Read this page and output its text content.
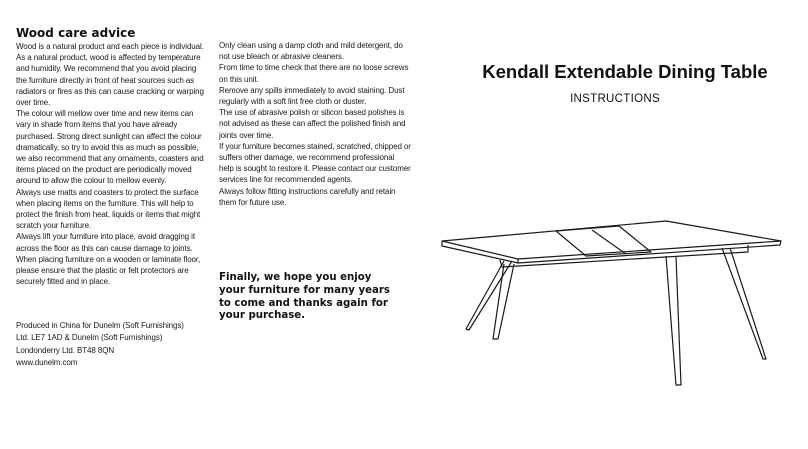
Wood care advice

Wood is a natural product and each piece is individual.

As a natural product, wood is affected by temperature and humidity. We recommend that you avoid placing the furniture directly in front of heat sources such as radiators or fires as this can cause cracking or warping over time.

The colour will mellow over time and new items can vary in shade from items that you have already purchased. Strong direct sunlight can affect the colour dramatically, so try to avoid this as much as possible, we also recommend that any ornaments, coasters and items placed on the product are periodically moved around to allow the colour to mellow evenly.

Always use matts and coasters to protect the surface when placing items on the furniture. This will help to protect the finish from heat, liquids or items that might scratch your furniture.

Always lift your furniture into place, avoid dragging it across the floor as this can cause damage to joints.

When placing furniture on a wooden or laminate floor, please ensure that the plastic or felt protectors are securely fitted and in place.

Produced in China for Dunelm (Soft Furnishings)

Ltd. LE7 1AD & Dunelm (Soft Furnishings)

Londonderry Ltd. BT48 8QN

www.dunelm.com

Only clean using a damp cloth and mild detergent, do not use bleach or abrasive cleaners.

From time to time check that there are no loose screws on this unit.

Remove any spills immediately to avoid staining. Dust regularly with a soft lint free cloth or duster.

The use of abrasive polish or silicon based polishes is not advised as these can affect the polished finish and joints over time.

If your furniture becomes stained, scratched, chipped or suffers other damage, we recommend professional help is sought to restore it. Please contact our customer services line for recommended agents.

Always follow fitting instructions carefully and retain them for future use.

Finally, we hope you enjoy
your furniture for many years
to come and thanks again for
your purchase.

Kendall Extendable Dining Table

INSTRUCTIONS
